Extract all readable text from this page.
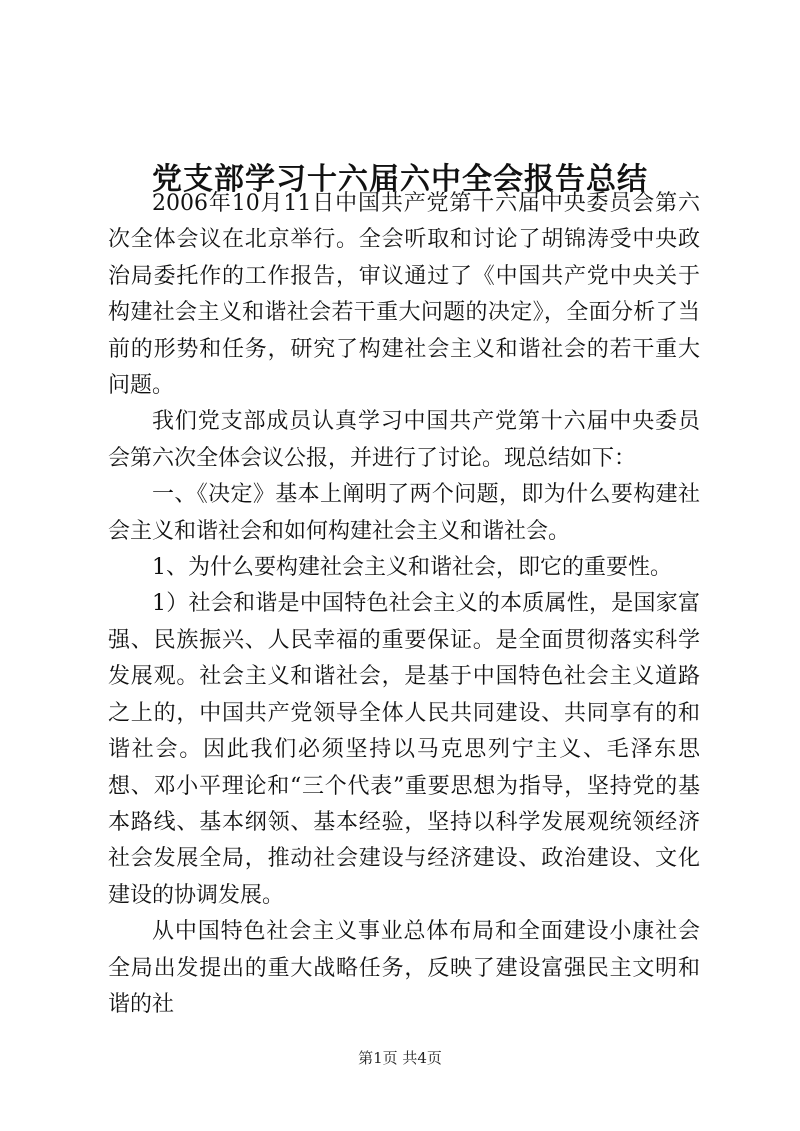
党支部学习十六届六中全会报告总结

2006年10月11日中国共产党第十六届中央委员会第六次全体会议在北京举行。全会听取和讨论了胡锦涛受中央政治局委托作的工作报告，审议通过了《中国共产党中央关于构建社会主义和谐社会若干重大问题的决定》，全面分析了当前的形势和任务，研究了构建社会主义和谐社会的若干重大问题。

我们党支部成员认真学习中国共产党第十六届中央委员会第六次全体会议公报，并进行了讨论。现总结如下：

一、《决定》基本上阐明了两个问题，即为什么要构建社会主义和谐社会和如何构建社会主义和谐社会。

1、为什么要构建社会主义和谐社会，即它的重要性。

1）社会和谐是中国特色社会主义的本质属性，是国家富强、民族振兴、人民幸福的重要保证。是全面贯彻落实科学发展观。社会主义和谐社会，是基于中国特色社会主义道路之上的，中国共产党领导全体人民共同建设、共同享有的和谐社会。因此我们必须坚持以马克思列宁主义、毛泽东思想、邓小平理论和“三个代表”重要思想为指导，坚持党的基本路线、基本纲领、基本经验，坚持以科学发展观统领经济社会发展全局，推动社会建设与经济建设、政治建设、文化建设的协调发展。

从中国特色社会主义事业总体布局和全面建设小康社会全局出发提出的重大战略任务，反映了建设富强民主文明和谐的社

第1页 共4页
